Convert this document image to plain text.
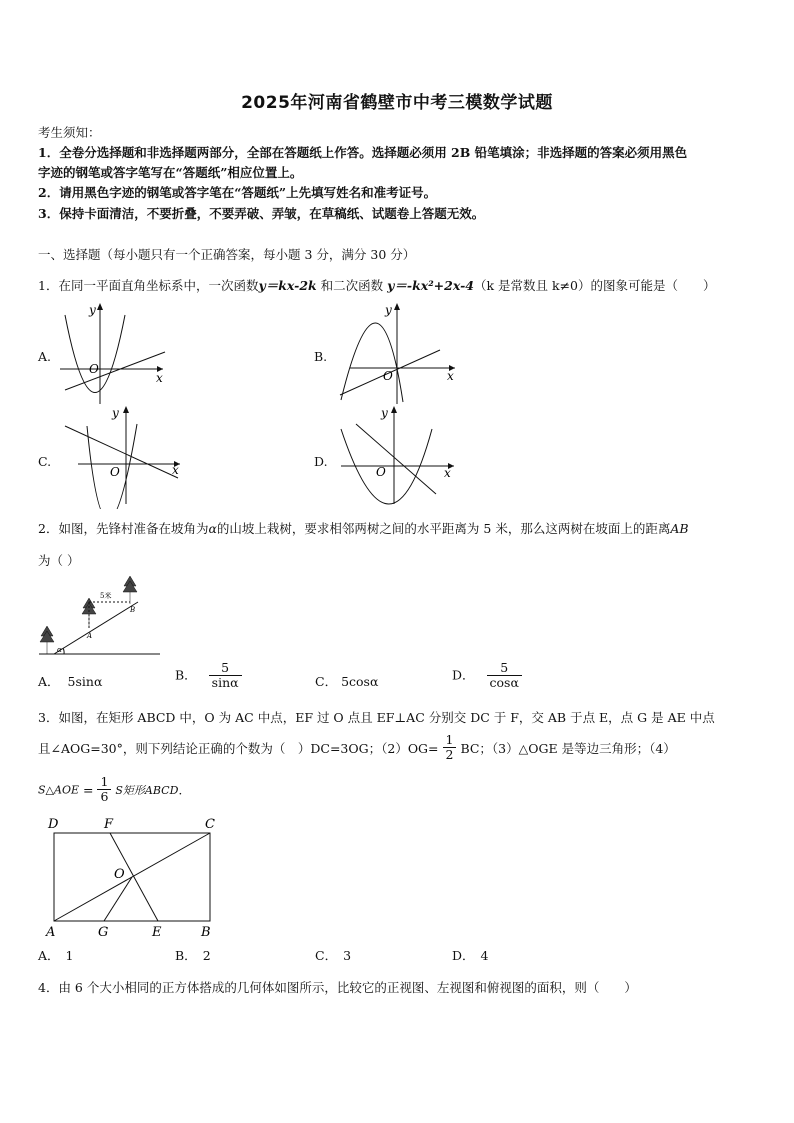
2025年河南省鹤壁市中考三模数学试题
考生须知：
1．全卷分选择题和非选择题两部分，全部在答题纸上作答。选择题必须用 2B 铅笔填涂；非选择题的答案必须用黑色
字迹的钢笔或答字笔写在“答题纸”相应位置上。
2．请用黑色字迹的钢笔或答字笔在“答题纸”上先填写姓名和准考证号。
3．保持卡面清洁，不要折叠，不要弄破、弄皱，在草稿纸、试题卷上答题无效。
一、选择题（每小题只有一个正确答案，每小题 3 分，满分 30 分）
1．在同一平面直角坐标系中，一次函数y＝kx-2k 和二次函数 y＝-kx²+2x-4（k 是常数且 k≠0）的图象可能是（　　）
A.
x
y
O
B.
x
y
O
C.
x
y
O
D.
x
y
O
2．如图，先锋村准备在坡角为α的山坡上栽树，要求相邻两树之间的水平距离为 5 米，那么这两树在坡面上的距离AB
为（ ）
α
5米
A
B
A． 5sinα	B． $\frac{5}{\sin\alpha}$	C． 5cosα	D． $\frac{5}{\cos\alpha}$
3．如图，在矩形 ABCD 中，O 为 AC 中点，EF 过 O 点且 EF⊥AC 分别交 DC 于 F，交 AB 于点 E，点 G 是 AE 中点
且∠AOG=30°，则下列结论正确的个数为（　）DC=3OG；$(2)OG= \frac{1}{2}$ BC；（3）△OGE 是等边三角形；（4）
S△AOE = $\frac{1}{6}$ S矩形ABCD.
D	F	C
O
A	G	E	B
A． 1	B． 2	C． 3	D． 4
4．由 6 个大小相同的正方体搭成的几何体如图所示，比较它的正视图、左视图和俯视图的面积，则（　　）
